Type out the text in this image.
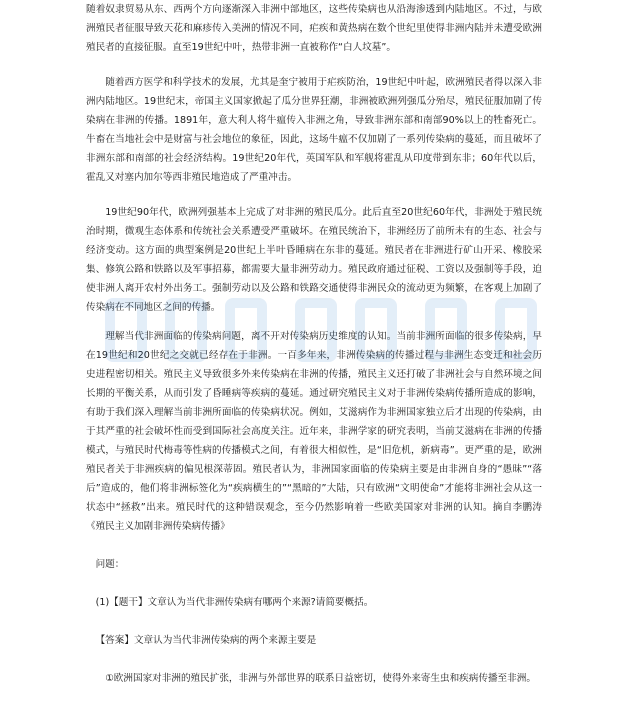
随着奴隶贸易从东、西两个方向逐渐深入非洲中部地区，这些传染病也从沿海渗透到内陆地区。不过，与欧洲殖民者征服导致天花和麻疹传入美洲的情况不同，疟疾和黄热病在数个世纪里使得非洲内陆并未遭受欧洲殖民者的直接征服。直至19世纪中叶，热带非洲一直被称作“白人坟墓”。

随着西方医学和科学技术的发展，尤其是奎宁被用于疟疾防治，19世纪中叶起，欧洲殖民者得以深入非洲内陆地区。19世纪末，帝国主义国家掀起了瓜分世界狂潮，非洲被欧洲列强瓜分殆尽，殖民征服加剧了传染病在非洲的传播。1891年，意大利人将牛瘟传入非洲之角，导致非洲东部和南部90%以上的牲畜死亡。牛畜在当地社会中是财富与社会地位的象征，因此，这场牛瘟不仅加剧了一系列传染病的蔓延，而且破坏了非洲东部和南部的社会经济结构。19世纪20年代，英国军队和军舰将霍乱从印度带到东非；60年代以后，霍乱又对塞内加尔等西非殖民地造成了严重冲击。

19世纪90年代，欧洲列强基本上完成了对非洲的殖民瓜分。此后直至20世纪60年代，非洲处于殖民统治时期，微观生态体系和传统社会关系遭受严重破坏。在殖民统治下，非洲经历了前所未有的生态、社会与经济变动。这方面的典型案例是20世纪上半叶昏睡病在东非的蔓延。殖民者在非洲进行矿山开采、橡胶采集、修筑公路和铁路以及军事招募，都需要大量非洲劳动力。殖民政府通过征税、工资以及强制等手段，迫使非洲人离开农村外出务工。强制劳动以及公路和铁路交通使得非洲民众的流动更为频繁，在客观上加剧了传染病在不同地区之间的传播。

理解当代非洲面临的传染病问题，离不开对传染病历史维度的认知。当前非洲所面临的很多传染病，早在19世纪和20世纪之交就已经存在于非洲。一百多年来，非洲传染病的传播过程与非洲生态变迁和社会历史进程密切相关。殖民主义导致很多外来传染病在非洲的传播，殖民主义还打破了非洲社会与自然环境之间长期的平衡关系，从而引发了昏睡病等疾病的蔓延。通过研究殖民主义对于非洲传染病传播所造成的影响，有助于我们深入理解当前非洲所面临的传染病状况。例如，艾滋病作为非洲国家独立后才出现的传染病，由于其严重的社会破坏性而受到国际社会高度关注。近年来，非洲学家的研究表明，当前艾滋病在非洲的传播模式，与殖民时代梅毒等性病的传播模式之间，有着很大相似性，是“旧危机，新病毒”。更严重的是，欧洲殖民者关于非洲疾病的偏见根深蒂固。殖民者认为，非洲国家面临的传染病主要是由非洲自身的“愚昧”“落后”造成的，他们将非洲标签化为“疾病横生的”“黑暗的”大陆，只有欧洲“文明使命”才能将非洲社会从这一状态中“拯救”出来。殖民时代的这种错误观念，至今仍然影响着一些欧美国家对非洲的认知。摘自李鹏涛《殖民主义加剧非洲传染病传播》

问题：

(1)【题干】文章认为当代非洲传染病有哪两个来源?请简要概括。

【答案】文章认为当代非洲传染病的两个来源主要是

①欧洲国家对非洲的殖民扩张，非洲与外部世界的联系日益密切，使得外来寄生虫和疾病传播至非洲。
